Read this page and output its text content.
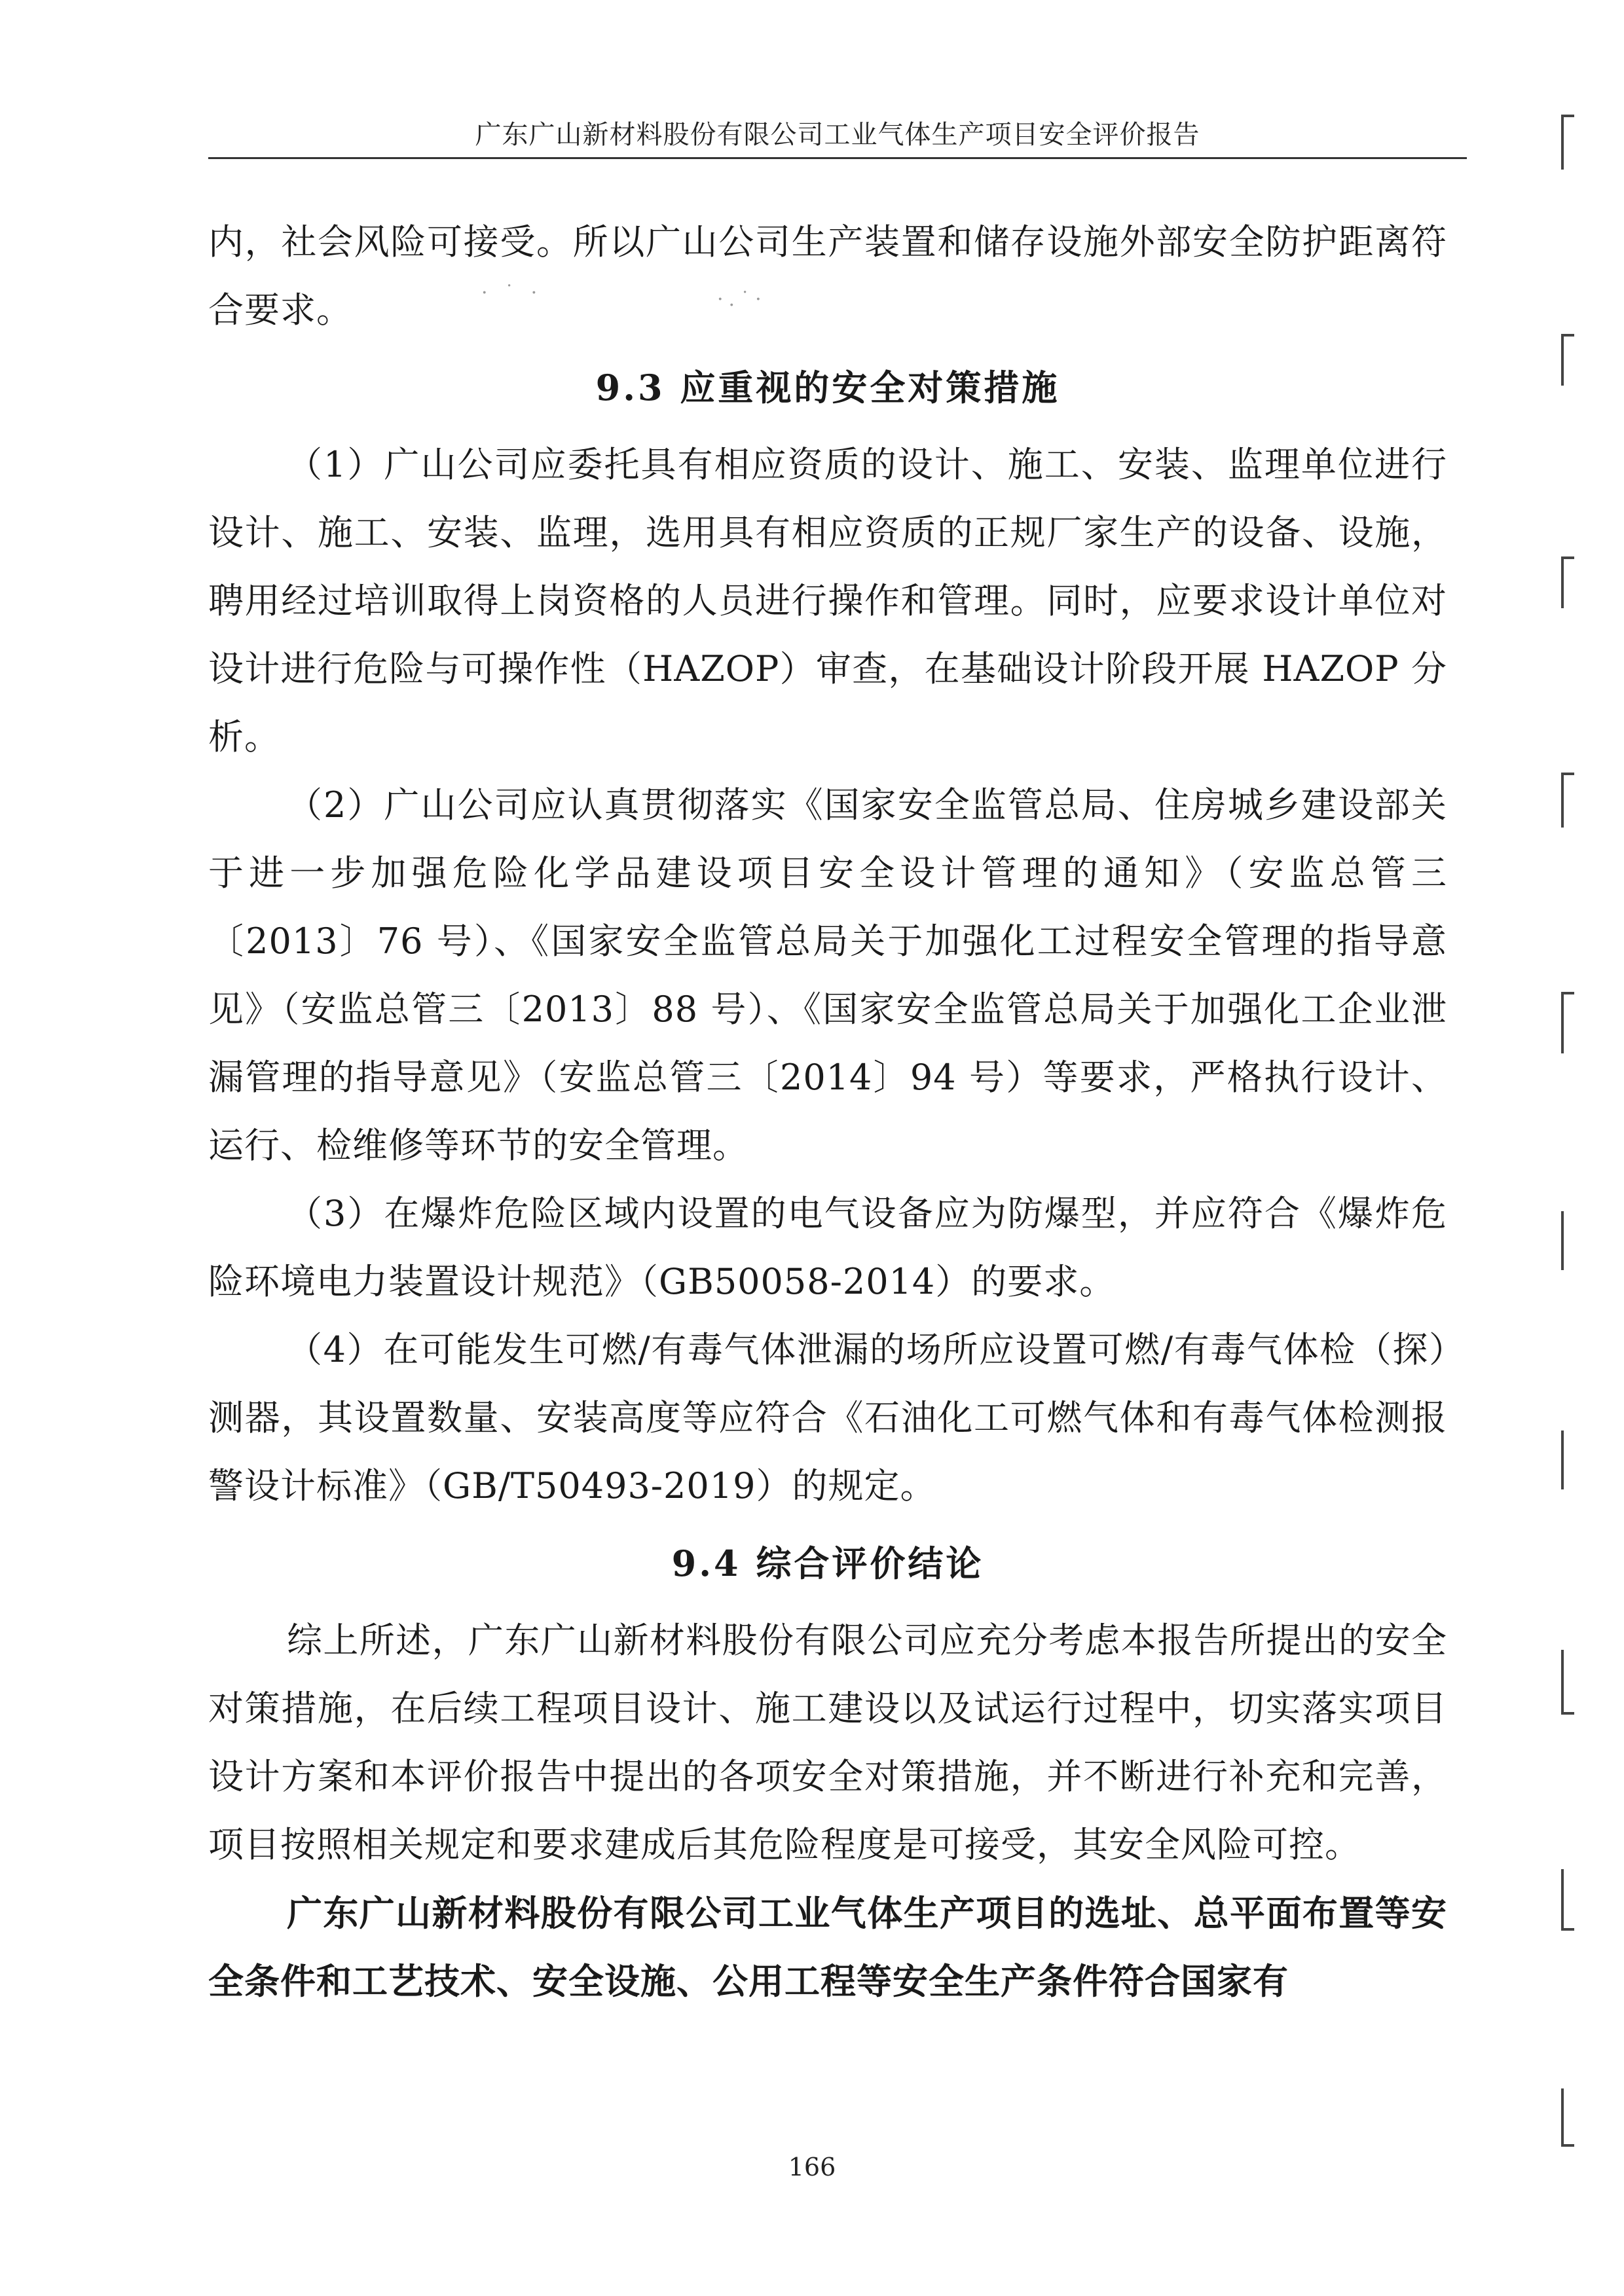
广东广山新材料股份有限公司工业气体生产项目安全评价报告

内，社会风险可接受。所以广山公司生产装置和储存设施外部安全防护距离符合要求。

9.3 应重视的安全对策措施

（1）广山公司应委托具有相应资质的设计、施工、安装、监理单位进行设计、施工、安装、监理，选用具有相应资质的正规厂家生产的设备、设施，聘用经过培训取得上岗资格的人员进行操作和管理。同时，应要求设计单位对设计进行危险与可操作性（HAZOP）审查，在基础设计阶段开展 HAZOP 分析。

（2）广山公司应认真贯彻落实《国家安全监管总局、住房城乡建设部关于进一步加强危险化学品建设项目安全设计管理的通知》（安监总管三〔2013〕76 号）、《国家安全监管总局关于加强化工过程安全管理的指导意见》（安监总管三〔2013〕88 号）、《国家安全监管总局关于加强化工企业泄漏管理的指导意见》（安监总管三〔2014〕94 号）等要求，严格执行设计、运行、检维修等环节的安全管理。

（3）在爆炸危险区域内设置的电气设备应为防爆型，并应符合《爆炸危险环境电力装置设计规范》（GB50058-2014）的要求。

（4）在可能发生可燃/有毒气体泄漏的场所应设置可燃/有毒气体检（探）测器，其设置数量、安装高度等应符合《石油化工可燃气体和有毒气体检测报警设计标准》（GB/T50493-2019）的规定。

9.4 综合评价结论

综上所述，广东广山新材料股份有限公司应充分考虑本报告所提出的安全对策措施，在后续工程项目设计、施工建设以及试运行过程中，切实落实项目设计方案和本评价报告中提出的各项安全对策措施，并不断进行补充和完善，项目按照相关规定和要求建成后其危险程度是可接受，其安全风险可控。

广东广山新材料股份有限公司工业气体生产项目的选址、总平面布置等安全条件和工艺技术、安全设施、公用工程等安全生产条件符合国家有

166
· ˙ ·	·.˙·
